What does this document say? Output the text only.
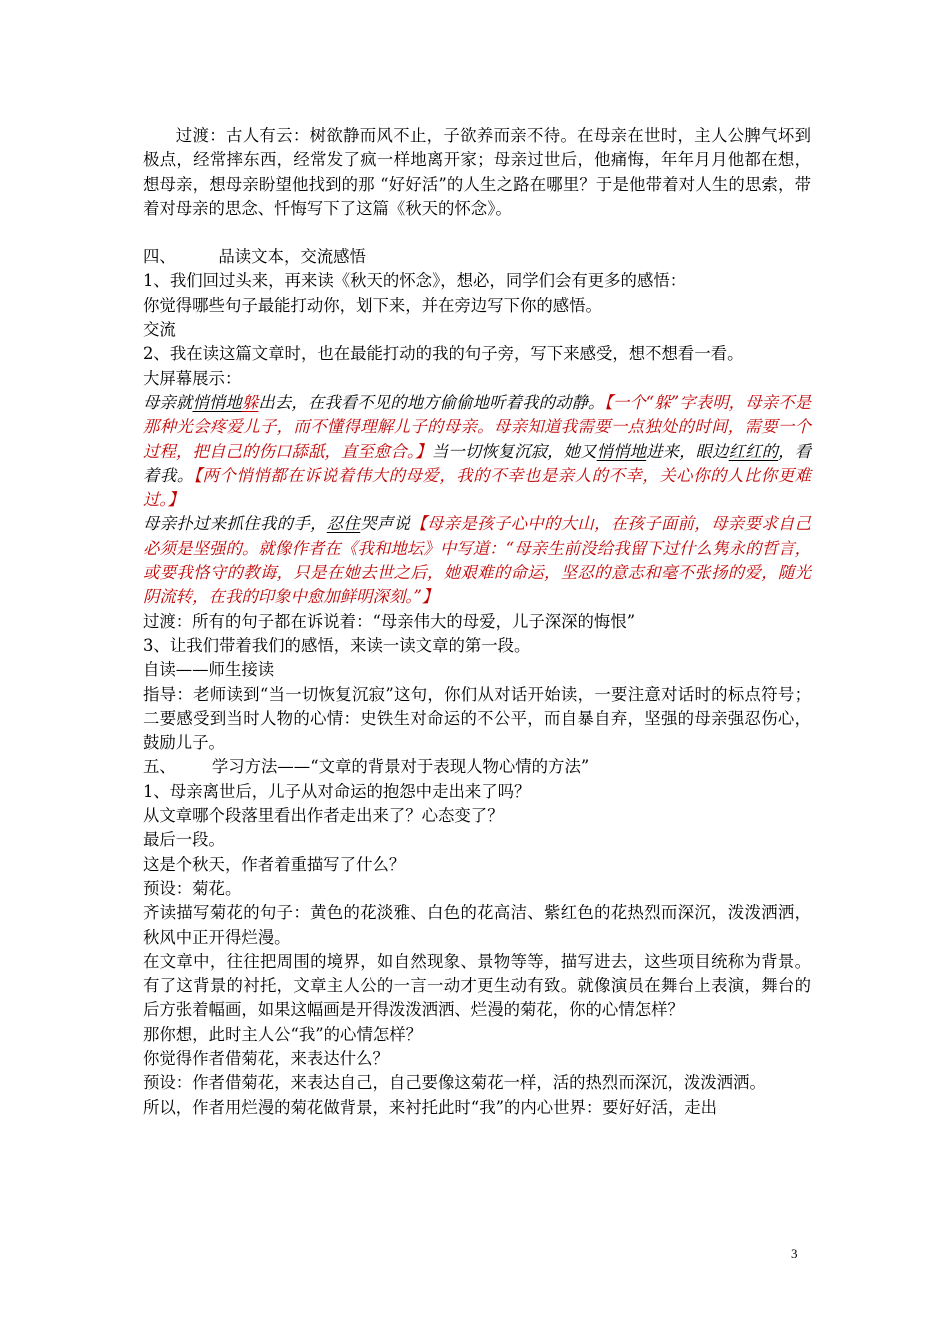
过渡：古人有云：树欲静而风不止，子欲养而亲不待。在母亲在世时，主人公脾气坏到极点，经常摔东西，经常发了疯一样地离开家；母亲过世后，他痛悔，年年月月他都在想，想母亲，想母亲盼望他找到的那 “好好活”的人生之路在哪里？于是他带着对人生的思索，带着对母亲的思念、忏悔写下了这篇《秋天的怀念》。

四、	品读文本，交流感悟

1、我们回过头来，再来读《秋天的怀念》，想必，同学们会有更多的感悟：

你觉得哪些句子最能打动你，划下来，并在旁边写下你的感悟。

交流

2、我在读这篇文章时，也在最能打动的我的句子旁，写下来感受，想不想看一看。

大屏幕展示：

母亲就悄悄地躲出去，在我看不见的地方偷偷地听着我的动静。【一个“躲”字表明，母亲不是那种光会疼爱儿子，而不懂得理解儿子的母亲。母亲知道我需要一点独处的时间，需要一个过程，把自己的伤口舔舐，直至愈合。】当一切恢复沉寂，她又悄悄地进来，眼边红红的，看着我。【两个悄悄都在诉说着伟大的母爱，我的不幸也是亲人的不幸，关心你的人比你更难过。】

母亲扑过来抓住我的手，忍住哭声说【母亲是孩子心中的大山，在孩子面前，母亲要求自己必须是坚强的。就像作者在《我和地坛》中写道：“母亲生前没给我留下过什么隽永的哲言，或要我恪守的教诲，只是在她去世之后，她艰难的命运，坚忍的意志和毫不张扬的爱，随光阴流转，在我的印象中愈加鲜明深刻。”】

过渡：所有的句子都在诉说着：“母亲伟大的母爱，儿子深深的悔恨”

3、让我们带着我们的感悟，来读一读文章的第一段。

自读——师生接读

指导：老师读到“当一切恢复沉寂”这句，你们从对话开始读，一要注意对话时的标点符号；二要感受到当时人物的心情：史铁生对命运的不公平，而自暴自弃，坚强的母亲强忍伤心，鼓励儿子。

五、 学习方法——“文章的背景对于表现人物心情的方法”

1、母亲离世后，儿子从对命运的抱怨中走出来了吗？

从文章哪个段落里看出作者走出来了？心态变了？

最后一段。

这是个秋天，作者着重描写了什么？

预设：菊花。

齐读描写菊花的句子：黄色的花淡雅、白色的花高洁、紫红色的花热烈而深沉，泼泼洒洒，秋风中正开得烂漫。

在文章中，往往把周围的境界，如自然现象、景物等等，描写进去，这些项目统称为背景。有了这背景的衬托，文章主人公的一言一动才更生动有致。就像演员在舞台上表演，舞台的后方张着幅画，如果这幅画是开得泼泼洒洒、烂漫的菊花，你的心情怎样？

那你想，此时主人公“我”的心情怎样？

你觉得作者借菊花，来表达什么？

预设：作者借菊花，来表达自己，自己要像这菊花一样，活的热烈而深沉，泼泼洒洒。

所以，作者用烂漫的菊花做背景，来衬托此时“我”的内心世界：要好好活，走出

3
